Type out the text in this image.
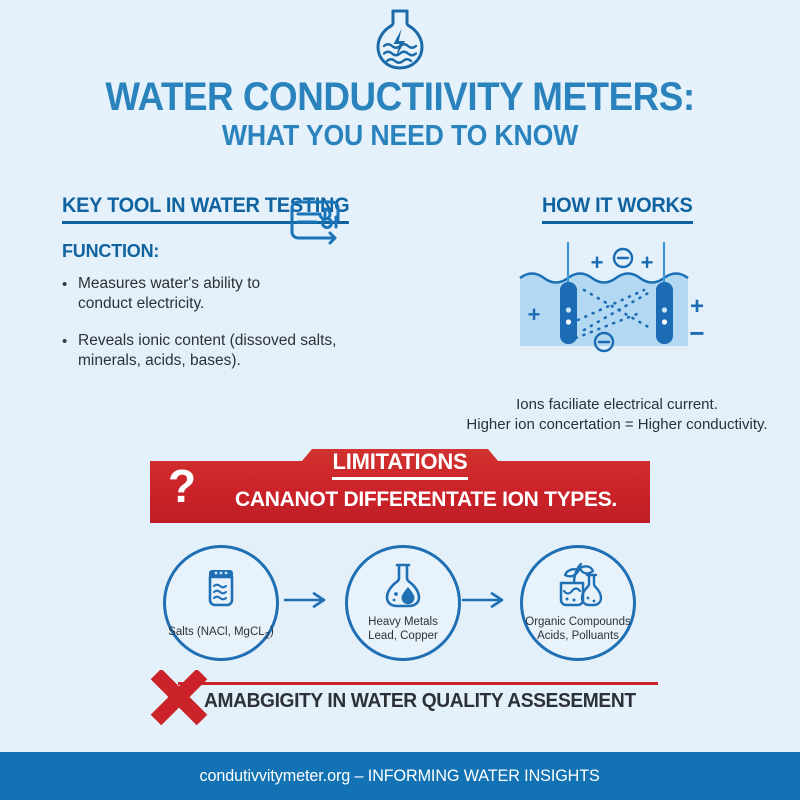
WATER CONDUCTIIVITY METERS:
WHAT YOU NEED TO KNOW
KEY TOOL IN WATER TESTING
FUNCTION:
• Measures water's ability to conduct electricity.
• Reveals ionic content (dissoved salts, minerals, acids, bases).
HOW IT WORKS
+
+ +
+
−
Ions faciliate electrical current.
Higher ion concertation = Higher conductivity.
?	LIMITATIONS
CANANOT DIFFERENTATE ION TYPES.
Salts (NACl, MgCL$_2$)
Heavy Metals
Lead, Copper
Organic Compounds
Acids, Polluants
AMABGIGITY IN WATER QUALITY ASSESEMENT
condutivvitymeter.org – INFORMING WATER INSIGHTS
